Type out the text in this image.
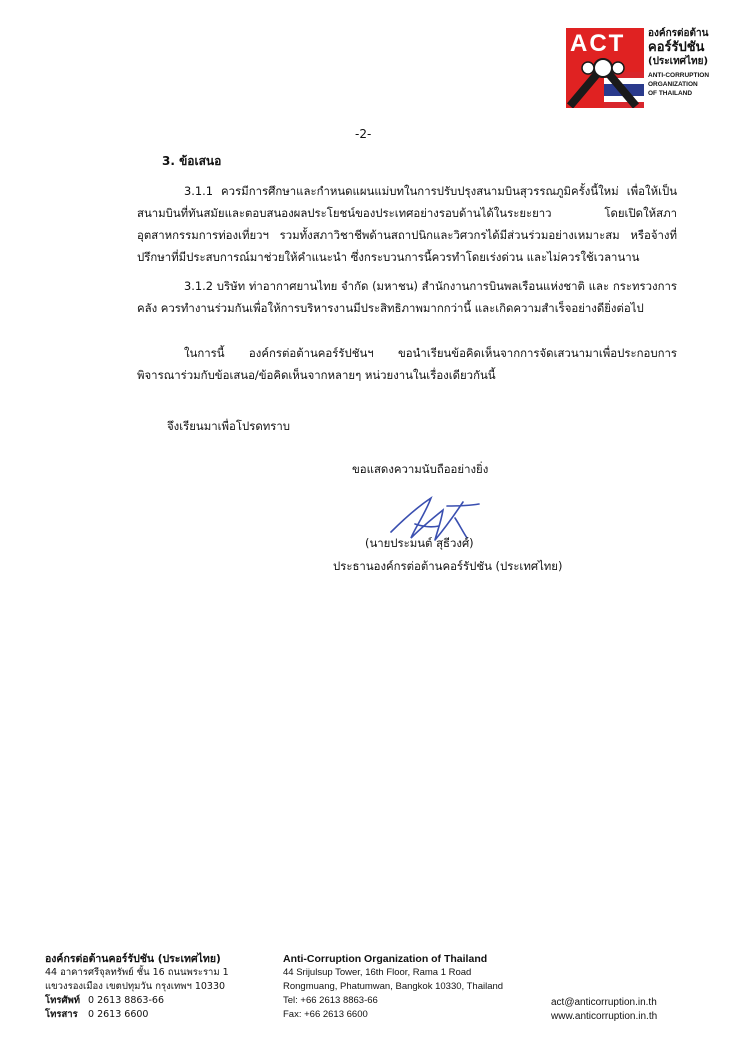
ACT องค์กรต่อต้าน
คอร์รัปชัน
(ประเทศไทย)
ANTI-CORRUPTION
ORGANIZATION
OF THAILAND
-2-
3. ข้อเสนอ
3.1.1 ควรมีการศึกษาและกำหนดแผนแม่บทในการปรับปรุงสนามบินสุวรรณภูมิครั้งนี้ใหม่ เพื่อให้เป็นสนามบินที่ทันสมัยและตอบสนองผลประโยชน์ของประเทศอย่างรอบด้านได้ในระยะยาว โดยเปิดให้สภาอุตสาหกรรมการท่องเที่ยวฯ รวมทั้งสภาวิชาชีพด้านสถาปนิกและวิศวกรได้มีส่วนร่วมอย่างเหมาะสม หรือจ้างที่ปรึกษาที่มีประสบการณ์มาช่วยให้คำแนะนำ ซึ่งกระบวนการนี้ควรทำโดยเร่งด่วน และไม่ควรใช้เวลานาน
3.1.2 บริษัท ท่าอากาศยานไทย จำกัด (มหาชน) สำนักงานการบินพลเรือนแห่งชาติ และ กระทรวงการคลัง ควรทำงานร่วมกันเพื่อให้การบริหารงานมีประสิทธิภาพมากกว่านี้ และเกิดความสำเร็จอย่างดียิ่งต่อไป
ในการนี้ องค์กรต่อต้านคอร์รัปชันฯ ขอนำเรียนข้อคิดเห็นจากการจัดเสวนามาเพื่อประกอบการ พิจารณาร่วมกับข้อเสนอ/ข้อคิดเห็นจากหลายๆ หน่วยงานในเรื่องเดียวกันนี้
จึงเรียนมาเพื่อโปรดทราบ
ขอแสดงความนับถืออย่างยิ่ง
(นายประมนต์ สุธีวงศ์)
ประธานองค์กรต่อต้านคอร์รัปชัน (ประเทศไทย)
องค์กรต่อต้านคอร์รัปชัน (ประเทศไทย)
44 อาคารศรีจุลทรัพย์ ชั้น 16 ถนนพระราม 1
แขวงรองเมือง เขตปทุมวัน กรุงเทพฯ 10330
โทรศัพท์ 0 2613 8863-66
โทรสาร 0 2613 6600
Anti-Corruption Organization of Thailand
44 Srijulsup Tower, 16th Floor, Rama 1 Road
Rongmuang, Phatumwan, Bangkok 10330, Thailand
Tel: +66 2613 8863-66
Fax: +66 2613 6600
act@anticorruption.in.th
www.anticorruption.in.th
